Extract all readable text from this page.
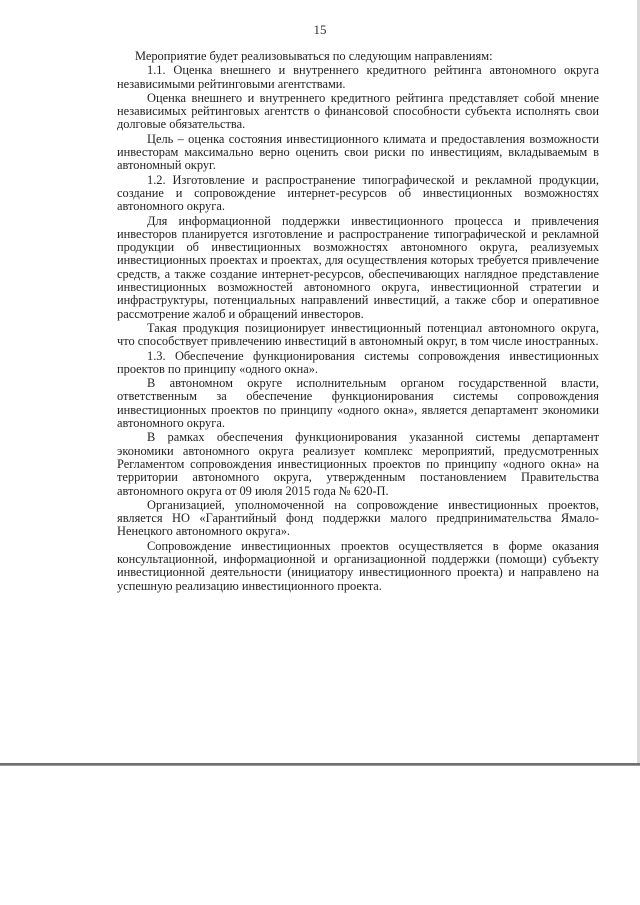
15

Мероприятие будет реализовываться по следующим направлениям:

1.1. Оценка внешнего и внутреннего кредитного рейтинга автономного округа независимыми рейтинговыми агентствами.

Оценка внешнего и внутреннего кредитного рейтинга представляет собой мнение независимых рейтинговых агентств о финансовой способности субъекта исполнять свои долговые обязательства.

Цель – оценка состояния инвестиционного климата и предоставления возможности инвесторам максимально верно оценить свои риски по инвестициям, вкладываемым в автономный округ.

1.2. Изготовление и распространение типографической и рекламной продукции, создание и сопровождение интернет-ресурсов об инвестиционных возможностях автономного округа.

Для информационной поддержки инвестиционного процесса и привлечения инвесторов планируется изготовление и распространение типографической и рекламной продукции об инвестиционных возможностях автономного округа, реализуемых инвестиционных проектах и проектах, для осуществления которых требуется привлечение средств, а также создание интернет-ресурсов, обеспечивающих наглядное представление инвестиционных возможностей автономного округа, инвестиционной стратегии и инфраструктуры, потенциальных направлений инвестиций, а также сбор и оперативное рассмотрение жалоб и обращений инвесторов.

Такая продукция позиционирует инвестиционный потенциал автономного округа, что способствует привлечению инвестиций в автономный округ, в том числе иностранных.

1.3. Обеспечение функционирования системы сопровождения инвестиционных проектов по принципу «одного окна».

В автономном округе исполнительным органом государственной власти, ответственным за обеспечение функционирования системы сопровождения инвестиционных проектов по принципу «одного окна», является департамент экономики автономного округа.

В рамках обеспечения функционирования указанной системы департамент экономики автономного округа реализует комплекс мероприятий, предусмотренных Регламентом сопровождения инвестиционных проектов по принципу «одного окна» на территории автономного округа, утвержденным постановлением Правительства автономного округа от 09 июля 2015 года № 620-П.

Организацией, уполномоченной на сопровождение инвестиционных проектов, является НО «Гарантийный фонд поддержки малого предпринимательства Ямало-Ненецкого автономного округа».

Сопровождение инвестиционных проектов осуществляется в форме оказания консультационной, информационной и организационной поддержки (помощи) субъекту инвестиционной деятельности (инициатору инвестиционного проекта) и направлено на успешную реализацию инвестиционного проекта.
